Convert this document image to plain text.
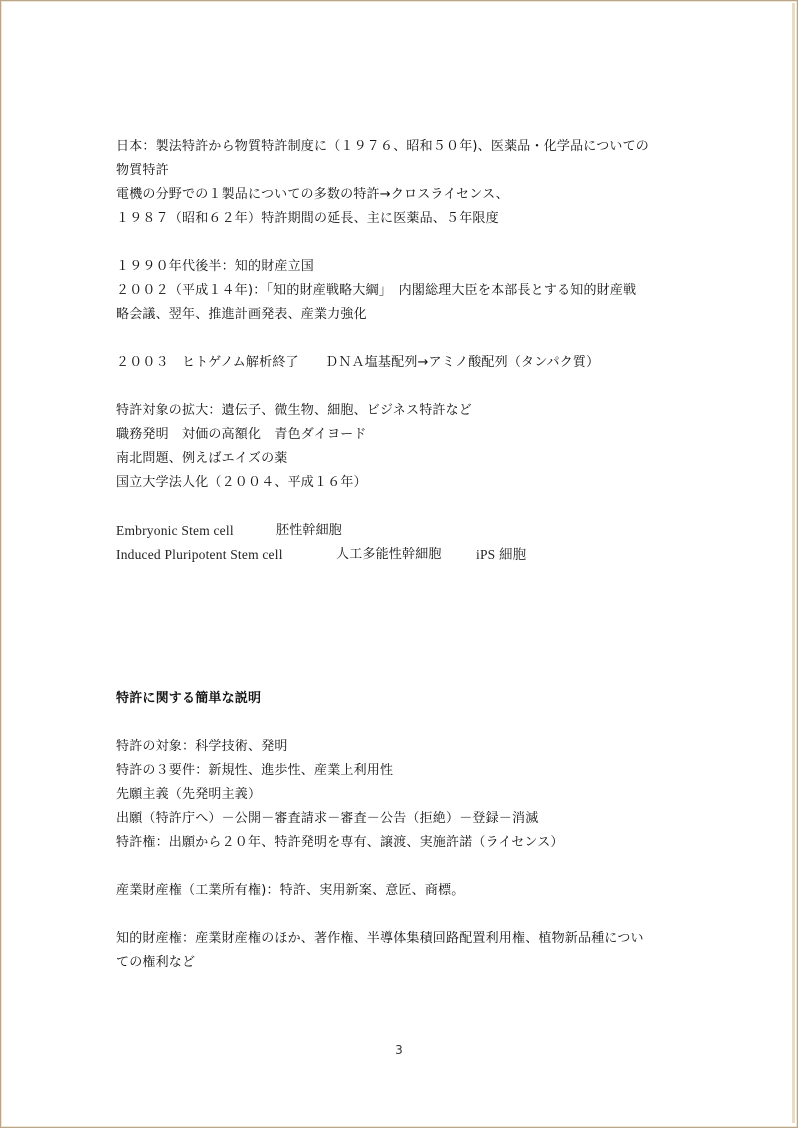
日本：製法特許から物質特許制度に（１９７６、昭和５０年)、医薬品・化学品についての
物質特許
電機の分野での１製品についての多数の特許→クロスライセンス、
１９８７（昭和６２年）特許期間の延長、主に医薬品、５年限度
１９９０年代後半：知的財産立国
２００２（平成１４年)：｢知的財産戦略大綱」　内閣総理大臣を本部長とする知的財産戦
略会議、翌年、推進計画発表、産業力強化
２００３　ヒトゲノム解析終了　　ＤＮＡ塩基配列→アミノ酸配列（タンパク質）
特許対象の拡大：遺伝子、微生物、細胞、ビジネス特許など
職務発明　対価の高額化　青色ダイヨード
南北問題、例えばエイズの薬
国立大学法人化（２００４、平成１６年）
Embryonic Stem cell	胚性幹細胞
Induced Pluripotent Stem cell	人工多能性幹細胞	iPS 細胞
特許に関する簡単な説明
特許の対象：科学技術、発明
特許の３要件：新規性、進歩性、産業上利用性
先願主義（先発明主義）
出願（特許庁へ）－公開－審査請求－審査－公告（拒絶）－登録－消滅
特許権：出願から２０年、特許発明を専有、譲渡、実施許諾（ライセンス）
産業財産権（工業所有権)：特許、実用新案、意匠、商標。
知的財産権：産業財産権のほか、著作権、半導体集積回路配置利用権、植物新品種につい
ての権利など
3
